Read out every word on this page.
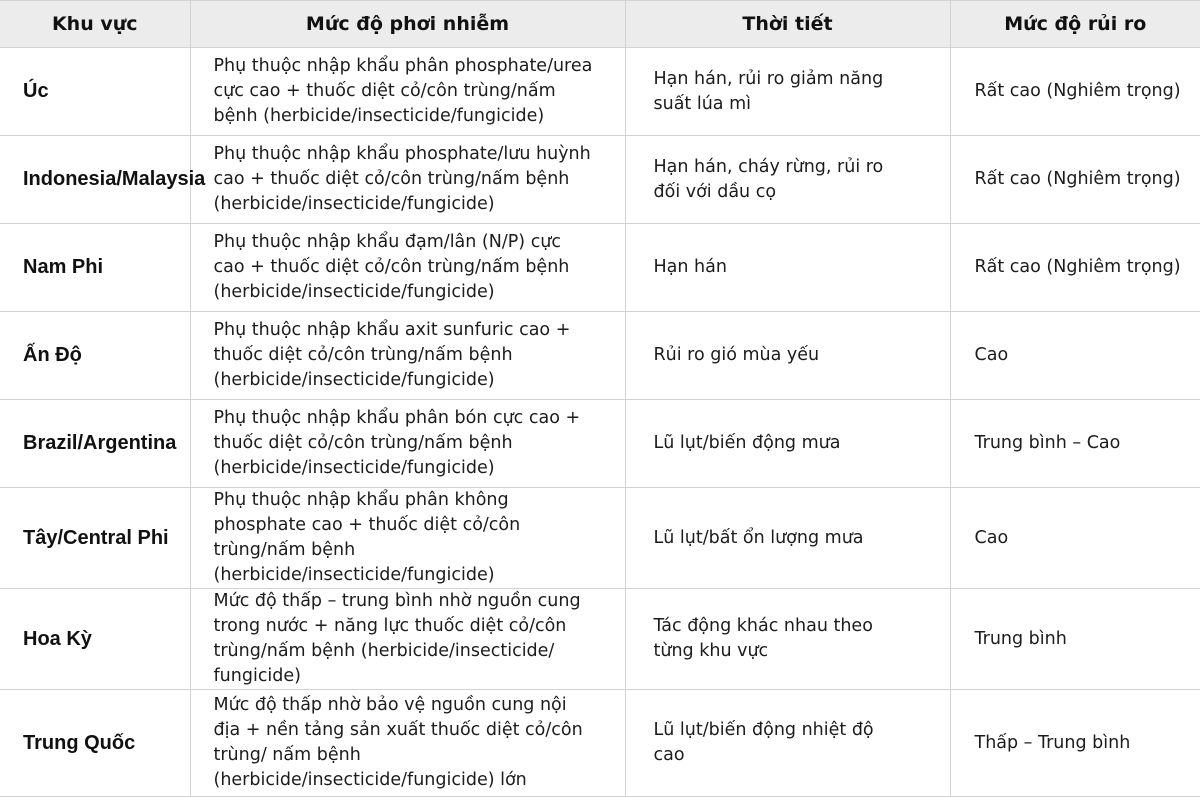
Khu vực	Mức độ phơi nhiễm	Thời tiết	Mức độ rủi ro
Úc	Phụ thuộc nhập khẩu phân phosphate/urea cực cao + thuốc diệt cỏ/côn trùng/nấm bệnh (herbicide/insecticide/fungicide)	Hạn hán, rủi ro giảm năng suất lúa mì	Rất cao (Nghiêm trọng)
Indonesia/Malaysia	Phụ thuộc nhập khẩu phosphate/lưu huỳnh cao + thuốc diệt cỏ/côn trùng/nấm bệnh (herbicide/insecticide/fungicide)	Hạn hán, cháy rừng, rủi ro đối với dầu cọ	Rất cao (Nghiêm trọng)
Nam Phi	Phụ thuộc nhập khẩu đạm/lân (N/P) cực cao + thuốc diệt cỏ/côn trùng/nấm bệnh (herbicide/insecticide/fungicide)	Hạn hán	Rất cao (Nghiêm trọng)
Ấn Độ	Phụ thuộc nhập khẩu axit sunfuric cao + thuốc diệt cỏ/côn trùng/nấm bệnh (herbicide/insecticide/fungicide)	Rủi ro gió mùa yếu	Cao
Brazil/Argentina	Phụ thuộc nhập khẩu phân bón cực cao + thuốc diệt cỏ/côn trùng/nấm bệnh (herbicide/insecticide/fungicide)	Lũ lụt/biến động mưa	Trung bình – Cao
Tây/Central Phi	Phụ thuộc nhập khẩu phân không phosphate cao + thuốc diệt cỏ/côn trùng/nấm bệnh (herbicide/insecticide/fungicide)	Lũ lụt/bất ổn lượng mưa	Cao
Hoa Kỳ	Mức độ thấp – trung bình nhờ nguồn cung trong nước + năng lực thuốc diệt cỏ/côn trùng/nấm bệnh (herbicide/insecticide/ fungicide)	Tác động khác nhau theo từng khu vực	Trung bình
Trung Quốc	Mức độ thấp nhờ bảo vệ nguồn cung nội địa + nền tảng sản xuất thuốc diệt cỏ/côn trùng/ nấm bệnh (herbicide/insecticide/fungicide) lớn	Lũ lụt/biến động nhiệt độ cao	Thấp – Trung bình
